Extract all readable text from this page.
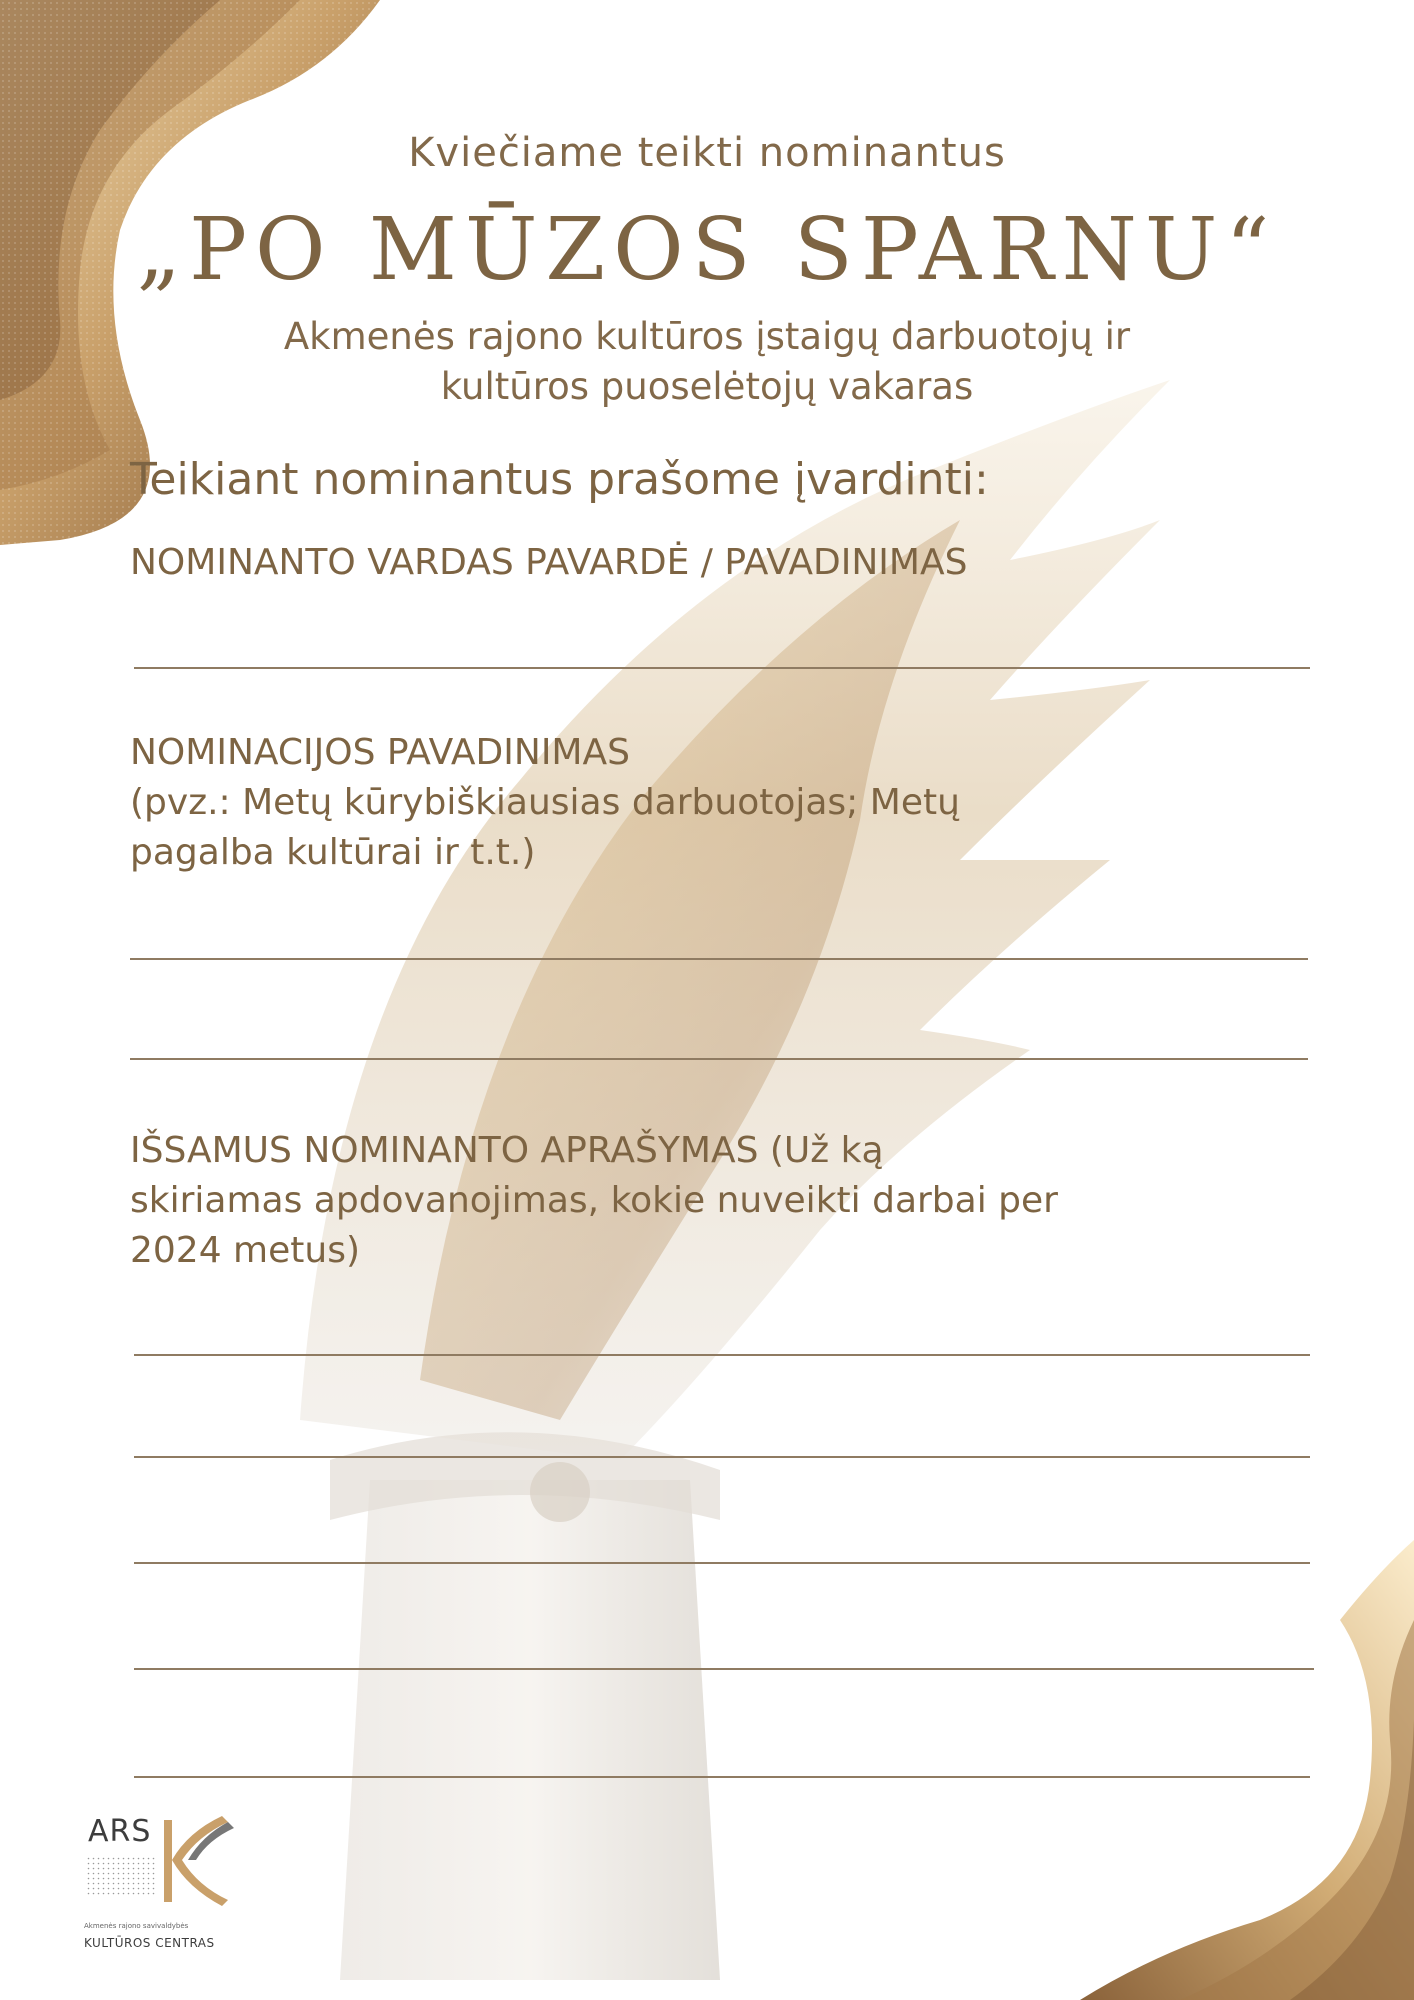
Kviečiame teikti nominantus

„PO MŪZOS SPARNU“

Akmenės rajono kultūros įstaigų darbuotojų ir
kultūros puoselėtojų vakaras

Teikiant nominantus prašome įvardinti:

NOMINANTO VARDAS PAVARDĖ / PAVADINIMAS

NOMINACIJOS PAVADINIMAS
(pvz.: Metų kūrybiškiausias darbuotojas; Metų
pagalba kultūrai ir t.t.)

IŠSAMUS NOMINANTO APRAŠYMAS (Už ką
skiriamas apdovanojimas, kokie nuveikti darbai per
2024 metus)

ARS
Akmenės rajono savivaldybės
KULTŪROS CENTRAS
